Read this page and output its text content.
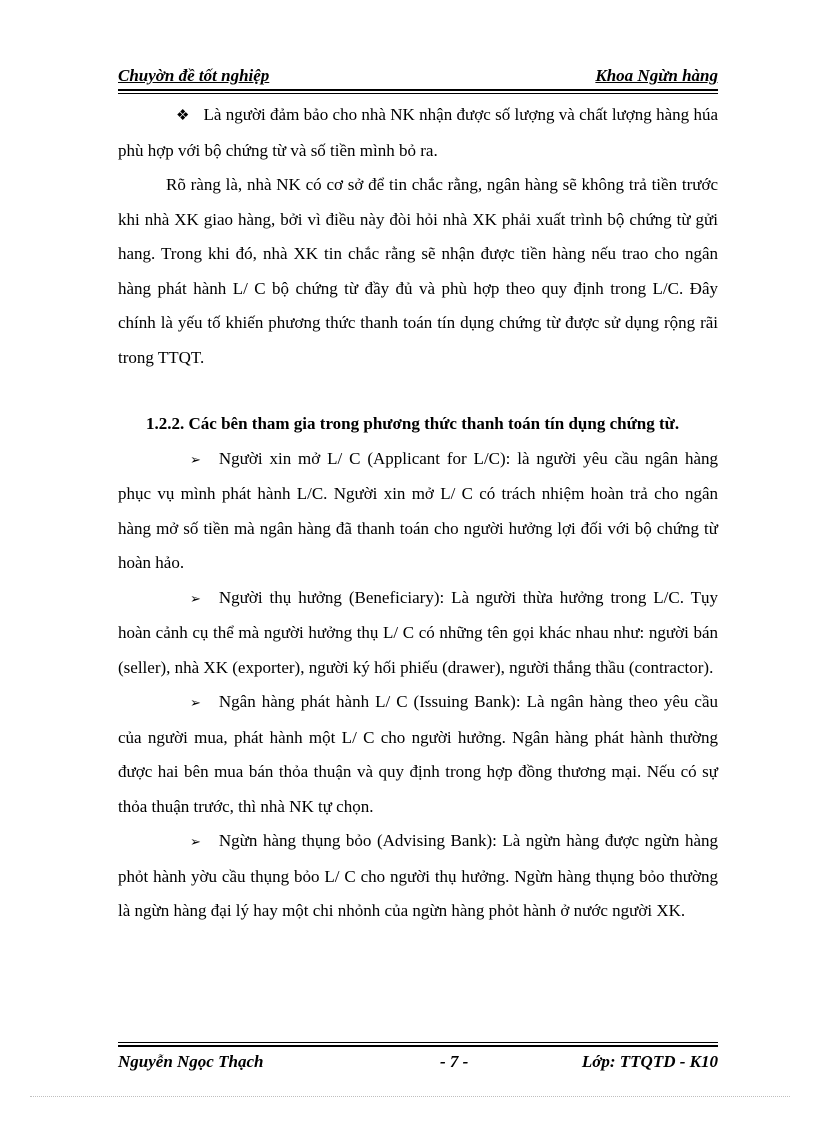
Chuyờn đề tốt nghiệp	Khoa Ngừn hàng

❖ Là người đảm bảo cho nhà NK nhận được số lượng và chất lượng hàng húa phù hợp với bộ chứng từ và số tiền mình bỏ ra.

Rõ ràng là, nhà NK có cơ sở để tin chắc rằng, ngân hàng sẽ không trả tiền trước khi nhà XK giao hàng, bởi vì điều này đòi hỏi nhà XK phải xuất trình bộ chứng từ gửi hang. Trong khi đó, nhà XK tin chắc rằng sẽ nhận được tiền hàng nếu trao cho ngân hàng phát hành L/ C bộ chứng từ đầy đủ và phù hợp theo quy định trong L/C. Đây chính là yếu tố khiến phương thức thanh toán tín dụng chứng từ được sử dụng rộng rãi trong TTQT.

1.2.2. Các bên tham gia trong phương thức thanh toán tín dụng chứng từ.

➢ Người xin mở L/ C (Applicant for L/C): là người yêu cầu ngân hàng phục vụ mình phát hành L/C. Người xin mở L/ C có trách nhiệm hoàn trả cho ngân hàng mở số tiền mà ngân hàng đã thanh toán cho người hưởng lợi đối với bộ chứng từ hoàn hảo.

➢ Người thụ hưởng (Beneficiary): Là người thừa hưởng trong L/C. Tụy hoàn cảnh cụ thể mà người hưởng thụ L/ C có những tên gọi khác nhau như: người bán (seller), nhà XK (exporter), người ký hối phiếu (drawer), người thắng thầu (contractor).

➢ Ngân hàng phát hành L/ C (Issuing Bank): Là ngân hàng theo yêu cầu của người mua, phát hành một L/ C cho người hưởng. Ngân hàng phát hành thường được hai bên mua bán thỏa thuận và quy định trong hợp đồng thương mại. Nếu có sự thỏa thuận trước, thì nhà NK tự chọn.

➢ Ngừn hàng thụng bỏo (Advising Bank): Là ngừn hàng được ngừn hàng phỏt hành yờu cầu thụng bỏo L/ C cho người thụ hưởng. Ngừn hàng thụng bỏo thường là ngừn hàng đại lý hay một chi nhỏnh của ngừn hàng phỏt hành ở nước người XK.

Nguyễn Ngọc Thạch	- 7 -	Lớp: TTQTD - K10
